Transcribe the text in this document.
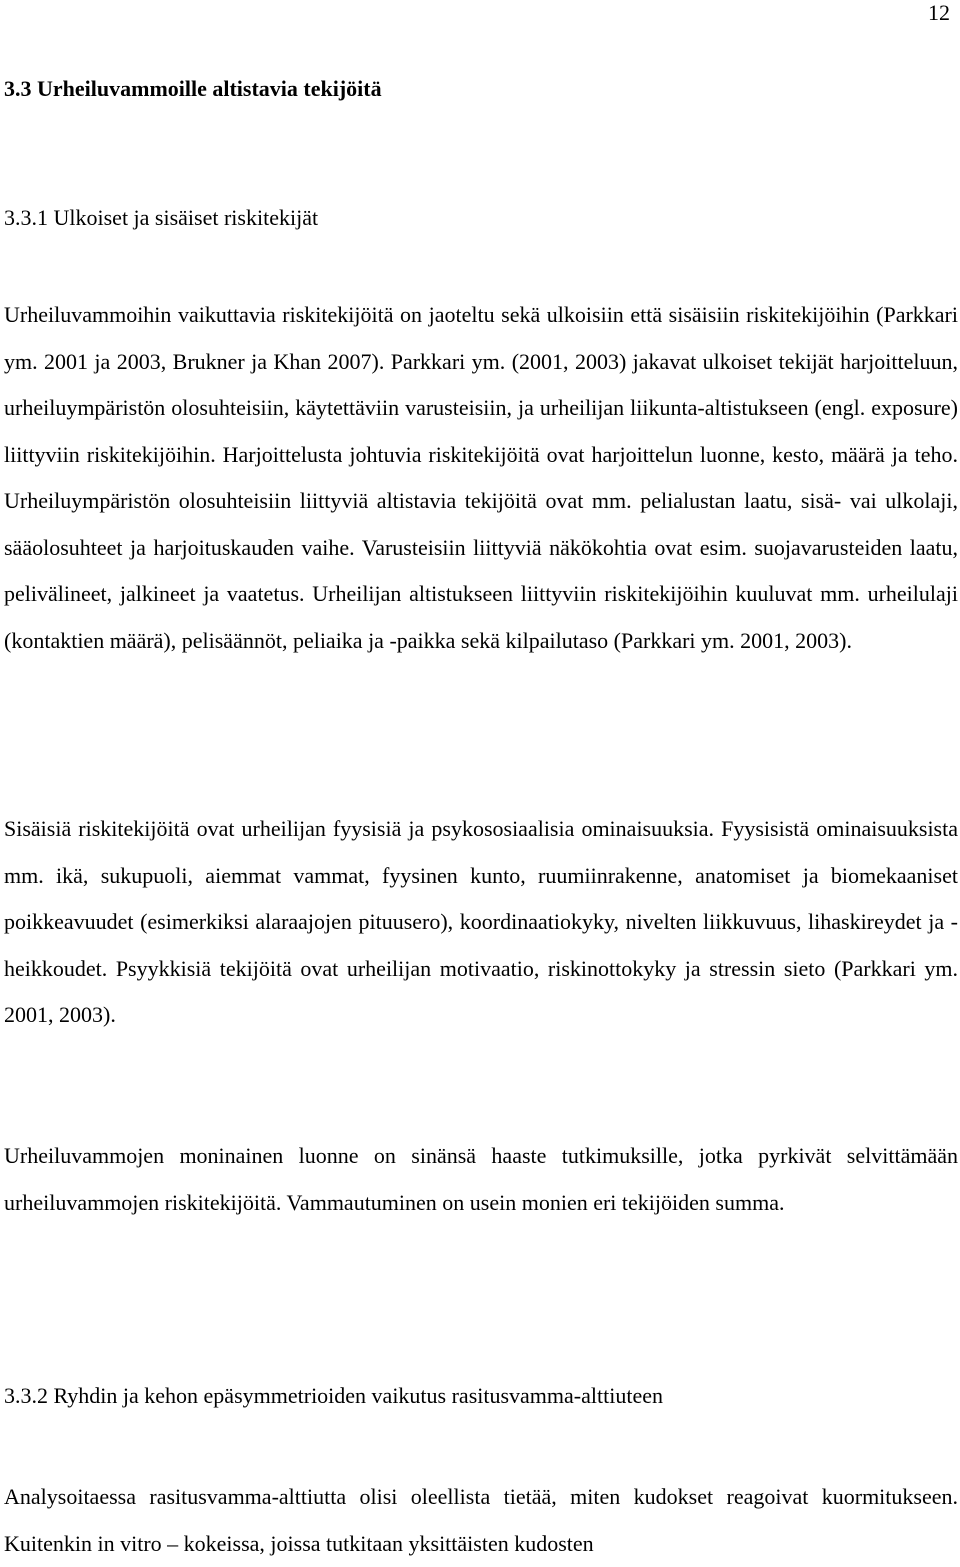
12
3.3 Urheiluvammoille altistavia tekijöitä
3.3.1 Ulkoiset ja sisäiset riskitekijät

Urheiluvammoihin vaikuttavia riskitekijöitä on jaoteltu sekä ulkoisiin että sisäisiin riskitekijöihin (Parkkari ym. 2001 ja 2003, Brukner ja Khan 2007). Parkkari ym. (2001, 2003) jakavat ulkoiset tekijät harjoitteluun, urheiluympäristön olosuhteisiin, käytettäviin varusteisiin, ja urheilijan liikunta-altistukseen (engl. exposure) liittyviin riskitekijöihin. Harjoittelusta johtuvia riskitekijöitä ovat harjoittelun luonne, kesto, määrä ja teho. Urheiluympäristön olosuhteisiin liittyviä altistavia tekijöitä ovat mm. pelialustan laatu, sisä- vai ulkolaji, sääolosuhteet ja harjoituskauden vaihe. Varusteisiin liittyviä näkökohtia ovat esim. suojavarusteiden laatu, pelivälineet, jalkineet ja vaatetus. Urheilijan altistukseen liittyviin riskitekijöihin kuuluvat mm. urheilulaji (kontaktien määrä), pelisäännöt, peliaika ja -paikka sekä kilpailutaso (Parkkari ym. 2001, 2003).

Sisäisiä riskitekijöitä ovat urheilijan fyysisiä ja psykososiaalisia ominaisuuksia. Fyysisistä ominaisuuksista mm. ikä, sukupuoli, aiemmat vammat, fyysinen kunto, ruumiinrakenne, anatomiset ja biomekaaniset poikkeavuudet (esimerkiksi alaraajojen pituusero), koordinaatiokyky, nivelten liikkuvuus, lihaskireydet ja -heikkoudet. Psyykkisiä tekijöitä ovat urheilijan motivaatio, riskinottokyky ja stressin sieto (Parkkari ym. 2001, 2003).

Urheiluvammojen moninainen luonne on sinänsä haaste tutkimuksille, jotka pyrkivät selvittämään urheiluvammojen riskitekijöitä. Vammautuminen on usein monien eri tekijöiden summa.

3.3.2 Ryhdin ja kehon epäsymmetrioiden vaikutus rasitusvamma-alttiuteen

Analysoitaessa rasitusvamma-alttiutta olisi oleellista tietää, miten kudokset reagoivat kuormitukseen. Kuitenkin in vitro – kokeissa, joissa tutkitaan yksittäisten kudosten
